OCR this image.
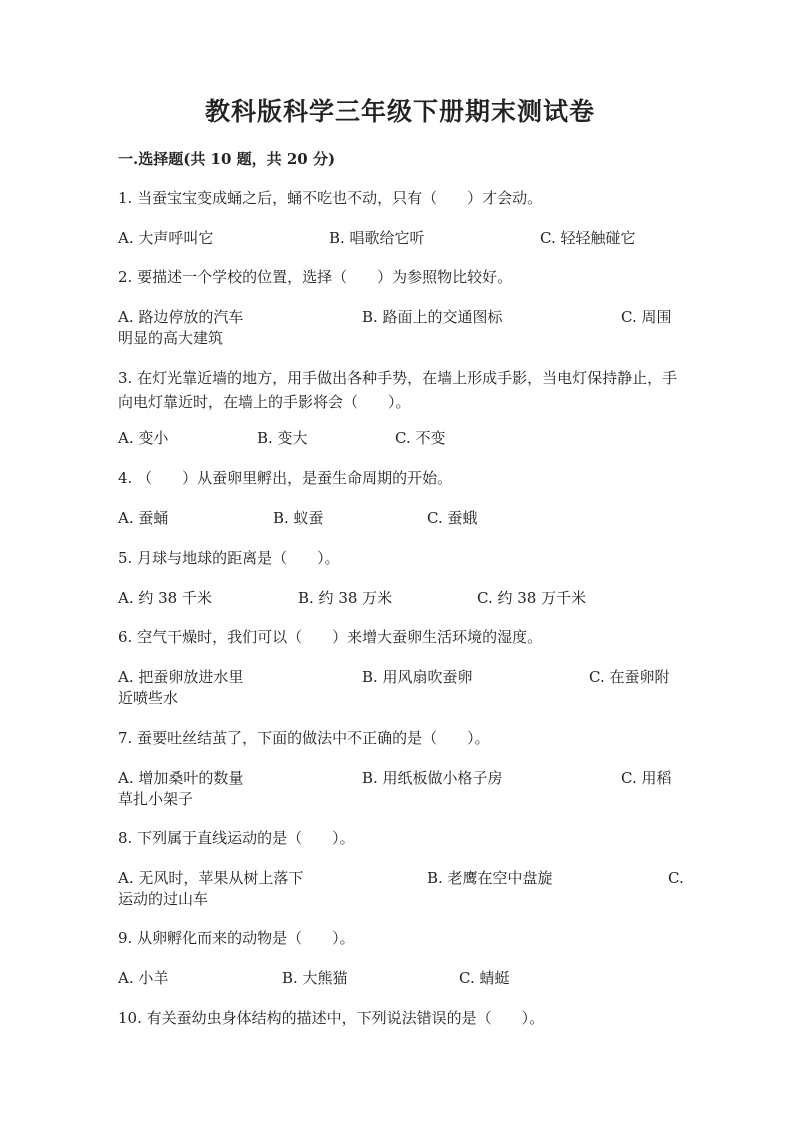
教科版科学三年级下册期末测试卷
一.选择题(共 10 题，共 20 分)
1. 当蚕宝宝变成蛹之后，蛹不吃也不动，只有（　　）才会动。
A. 大声呼叫它	B. 唱歌给它听	C. 轻轻触碰它
2. 要描述一个学校的位置，选择（　　）为参照物比较好。
A. 路边停放的汽车	B. 路面上的交通图标	C. 周围
明显的高大建筑
3. 在灯光靠近墙的地方，用手做出各种手势，在墙上形成手影，当电灯保持静止，手向电灯靠近时，在墙上的手影将会（　　）。
A. 变小	B. 变大	C. 不变
4. （　　）从蚕卵里孵出，是蚕生命周期的开始。
A. 蚕蛹	B. 蚁蚕	C. 蚕蛾
5. 月球与地球的距离是（　　）。
A. 约 38 千米	B. 约 38 万米	C. 约 38 万千米
6. 空气干燥时，我们可以（　　）来增大蚕卵生活环境的湿度。
A. 把蚕卵放进水里	B. 用风扇吹蚕卵	C. 在蚕卵附
近喷些水
7. 蚕要吐丝结茧了，下面的做法中不正确的是（　　）。
A. 增加桑叶的数量	B. 用纸板做小格子房	C. 用稻
草扎小架子
8. 下列属于直线运动的是（　　）。
A. 无风时，苹果从树上落下	B. 老鹰在空中盘旋	C.
运动的过山车
9. 从卵孵化而来的动物是（　　）。
A. 小羊	B. 大熊猫	C. 蜻蜓
10. 有关蚕幼虫身体结构的描述中，下列说法错误的是（　　）。
